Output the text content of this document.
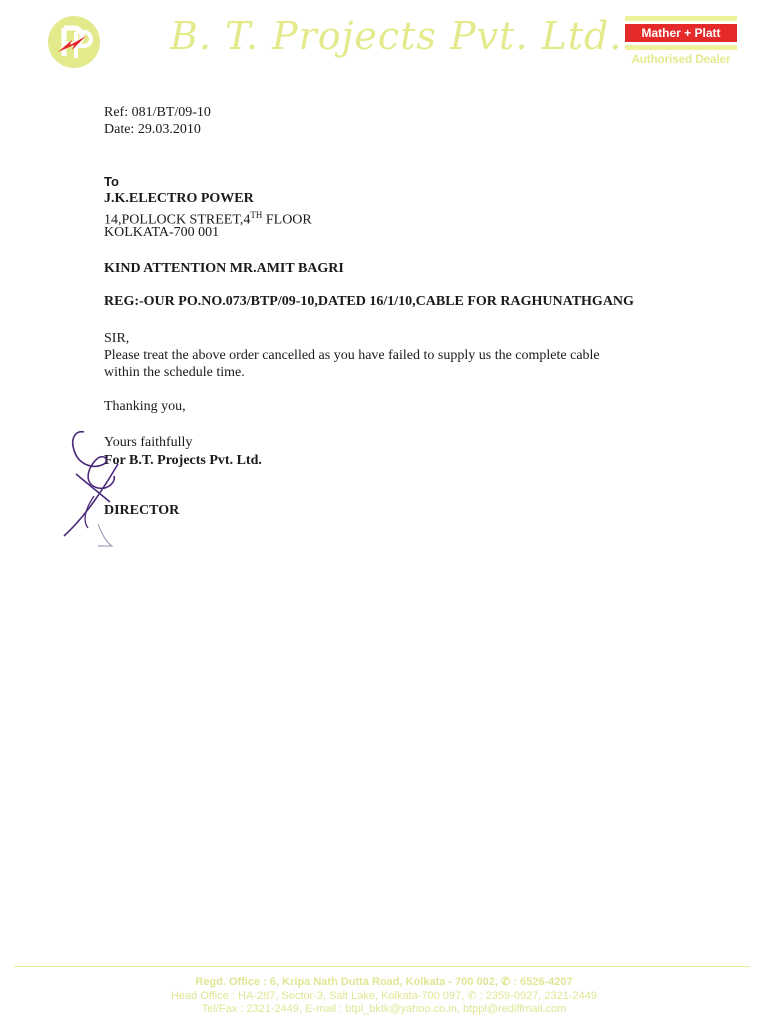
B. T. Projects Pvt. Ltd.	Mather + Platt
Authorised Dealer
Ref: 081/BT/09-10
Date: 29.03.2010
To
J.K.ELECTRO POWER
14,POLLOCK STREET,4TH FLOOR
KOLKATA-700 001
KIND ATTENTION MR.AMIT BAGRI
REG:-OUR PO.NO.073/BTP/09-10,DATED 16/1/10,CABLE FOR RAGHUNATHGANG
SIR,
Please treat the above order cancelled as you have failed to supply us the complete cable
within the schedule time.
Thanking you,
Yours faithfully
For B.T. Projects Pvt. Ltd.
DIRECTOR
Regd. Office : 6, Kripa Nath Dutta Road, Kolkata - 700 002, ✆ : 6526-4207
Head Office : HA-287, Sector-3, Salt Lake, Kolkata-700 097, ✆ : 2359-0927, 2321-2449
Tel/Fax : 2321-2449, E-mail : btpl_bktk@yahoo.co.in, btppl@rediffmail.com
